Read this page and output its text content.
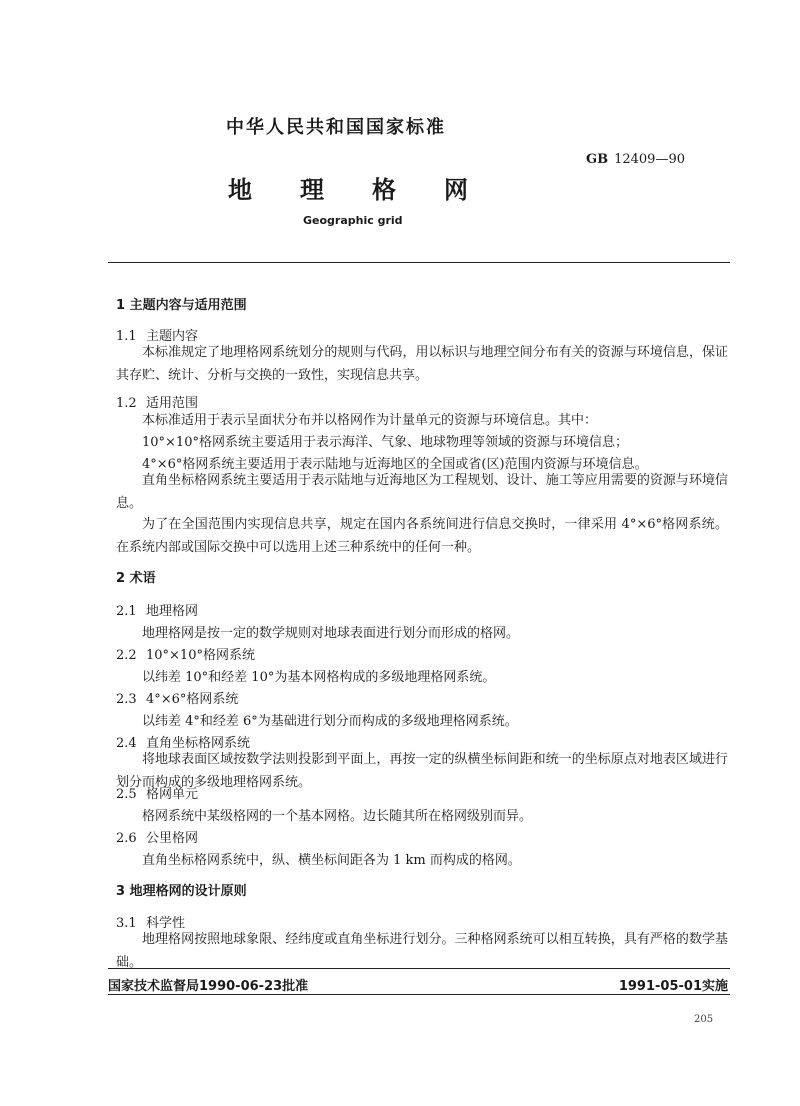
中华人民共和国国家标准
GB 12409—90
地 理 格 网
Geographic grid
1 主题内容与适用范围
1.1 主题内容
本标准规定了地理格网系统划分的规则与代码，用以标识与地理空间分布有关的资源与环境信息，保证其存贮、统计、分析与交换的一致性，实现信息共享。
1.2 适用范围
本标准适用于表示呈面状分布并以格网作为计量单元的资源与环境信息。其中：
10°×10°格网系统主要适用于表示海洋、气象、地球物理等领域的资源与环境信息；
4°×6°格网系统主要适用于表示陆地与近海地区的全国或省(区)范围内资源与环境信息。
直角坐标格网系统主要适用于表示陆地与近海地区为工程规划、设计、施工等应用需要的资源与环境信息。
为了在全国范围内实现信息共享，规定在国内各系统间进行信息交换时，一律采用 4°×6°格网系统。在系统内部或国际交换中可以选用上述三种系统中的任何一种。
2 术语
2.1 地理格网
地理格网是按一定的数学规则对地球表面进行划分而形成的格网。
2.2 10°×10°格网系统
以纬差 10°和经差 10°为基本网格构成的多级地理格网系统。
2.3 4°×6°格网系统
以纬差 4°和经差 6°为基础进行划分而构成的多级地理格网系统。
2.4 直角坐标格网系统
将地球表面区域按数学法则投影到平面上，再按一定的纵横坐标间距和统一的坐标原点对地表区域进行划分而构成的多级地理格网系统。
2.5 格网单元
格网系统中某级格网的一个基本网格。边长随其所在格网级别而异。
2.6 公里格网
直角坐标格网系统中，纵、横坐标间距各为 1 km 而构成的格网。
3 地理格网的设计原则
3.1 科学性
地理格网按照地球象限、经纬度或直角坐标进行划分。三种格网系统可以相互转换，具有严格的数学基础。
国家技术监督局1990-06-23批准	1991-05-01实施
205
